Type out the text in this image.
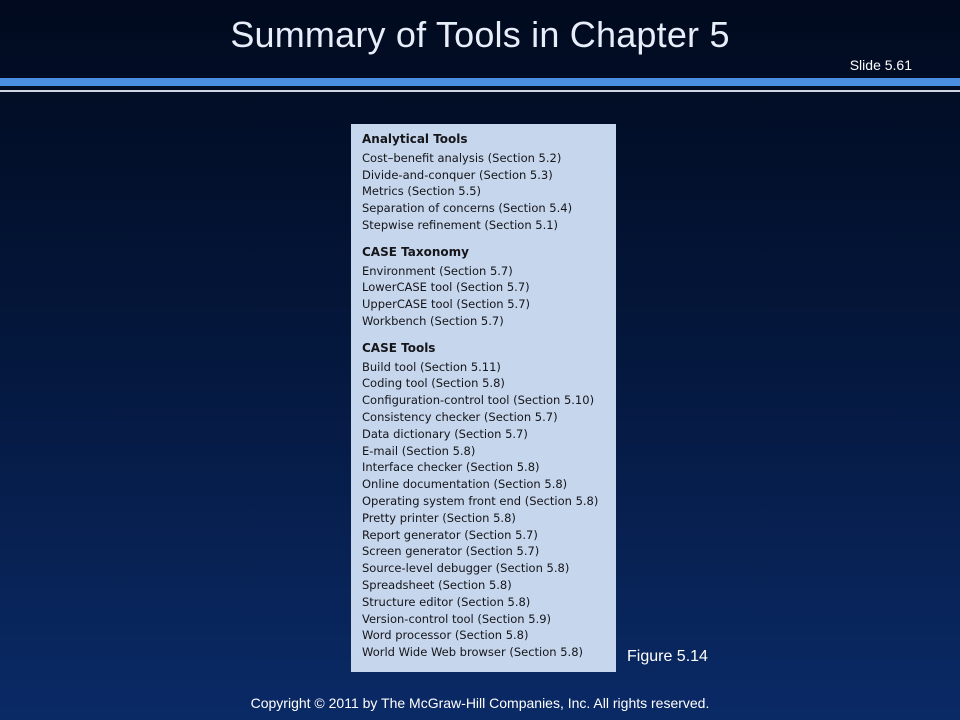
Summary of Tools in Chapter 5
Slide 5.61
Analytical Tools
Cost–benefit analysis (Section 5.2)
Divide-and-conquer (Section 5.3)
Metrics (Section 5.5)
Separation of concerns (Section 5.4)
Stepwise refinement (Section 5.1)
CASE Taxonomy
Environment (Section 5.7)
LowerCASE tool (Section 5.7)
UpperCASE tool (Section 5.7)
Workbench (Section 5.7)
CASE Tools
Build tool (Section 5.11)
Coding tool (Section 5.8)
Configuration-control tool (Section 5.10)
Consistency checker (Section 5.7)
Data dictionary (Section 5.7)
E-mail (Section 5.8)
Interface checker (Section 5.8)
Online documentation (Section 5.8)
Operating system front end (Section 5.8)
Pretty printer (Section 5.8)
Report generator (Section 5.7)
Screen generator (Section 5.7)
Source-level debugger (Section 5.8)
Spreadsheet (Section 5.8)
Structure editor (Section 5.8)
Version-control tool (Section 5.9)
Word processor (Section 5.8)
World Wide Web browser (Section 5.8)	Figure 5.14
Copyright © 2011 by The McGraw-Hill Companies, Inc. All rights reserved.
